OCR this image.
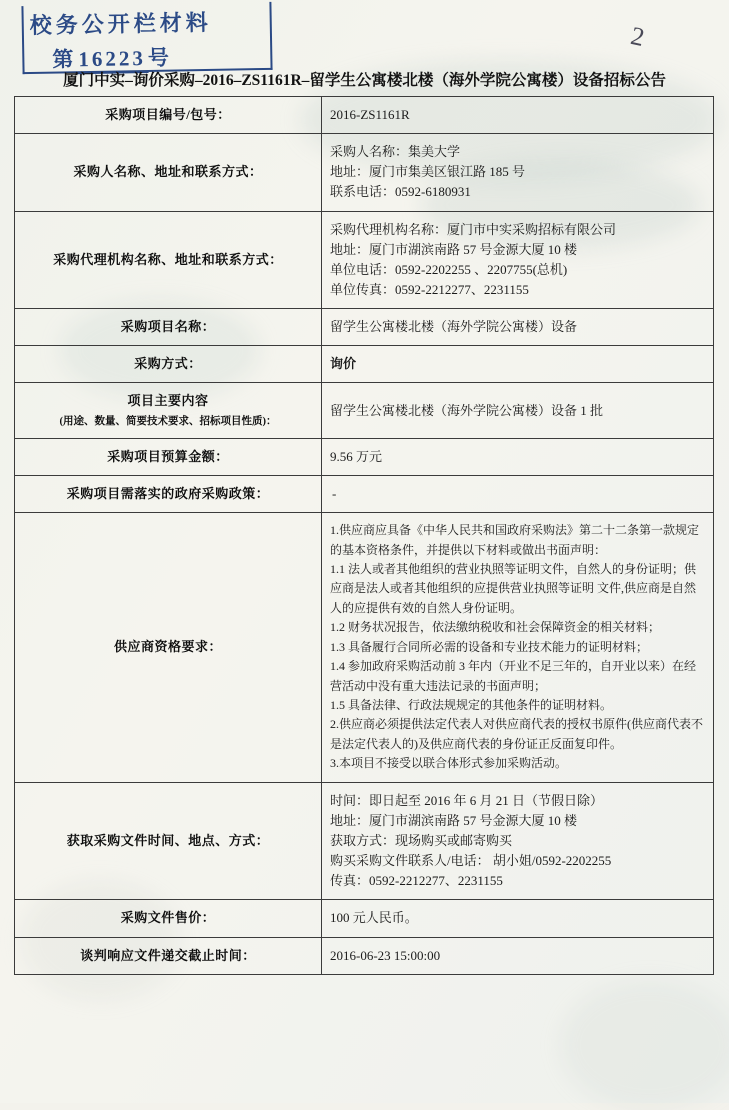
校务公开栏材料
第16223号
2
厦门中实–询价采购–2016–ZS1161R–留学生公寓楼北楼（海外学院公寓楼）设备招标公告
采购项目编号/包号：	2016-ZS1161R

采购人名称、地址和联系方式：	采购人名称：集美大学
地址：厦门市集美区银江路 185 号
联系电话：0592-6180931

采购代理机构名称、地址和联系方式：	采购代理机构名称：厦门市中实采购招标有限公司
地址：厦门市湖滨南路 57 号金源大厦 10 楼
单位电话：0592-2202255 、2207755(总机)
单位传真：0592-2212277、2231155

采购项目名称：	留学生公寓楼北楼（海外学院公寓楼）设备

采购方式：	询价

项目主要内容
(用途、数量、简要技术要求、招标项目性质)：	留学生公寓楼北楼（海外学院公寓楼）设备 1 批

采购项目预算金额：	9.56 万元

采购项目需落实的政府采购政策：	-

供应商资格要求：	
1.供应商应具备《中华人民共和国政府采购法》第二十二条第一款规定的基本资格条件，并提供以下材料或做出书面声明：
1.1 法人或者其他组织的营业执照等证明文件，自然人的身份证明；供应商是法人或者其他组织的应提供营业执照等证明 文件,供应商是自然人的应提供有效的自然人身份证明。
1.2 财务状况报告，依法缴纳税收和社会保障资金的相关材料；
1.3 具备履行合同所必需的设备和专业技术能力的证明材料；
1.4 参加政府采购活动前 3 年内（开业不足三年的，自开业以来）在经营活动中没有重大违法记录的书面声明；
1.5 具备法律、行政法规规定的其他条件的证明材料。
2.供应商必须提供法定代表人对供应商代表的授权书原件(供应商代表不是法定代表人的)及供应商代表的身份证正反面复印件。
3.本项目不接受以联合体形式参加采购活动。

获取采购文件时间、地点、方式：	时间：即日起至 2016 年 6 月 21 日（节假日除）
地址：厦门市湖滨南路 57 号金源大厦 10 楼
获取方式：现场购买或邮寄购买
购买采购文件联系人/电话： 胡小姐/0592-2202255
传真：0592-2212277、2231155

采购文件售价：	100 元人民币。

谈判响应文件递交截止时间：	2016-06-23 15:00:00
